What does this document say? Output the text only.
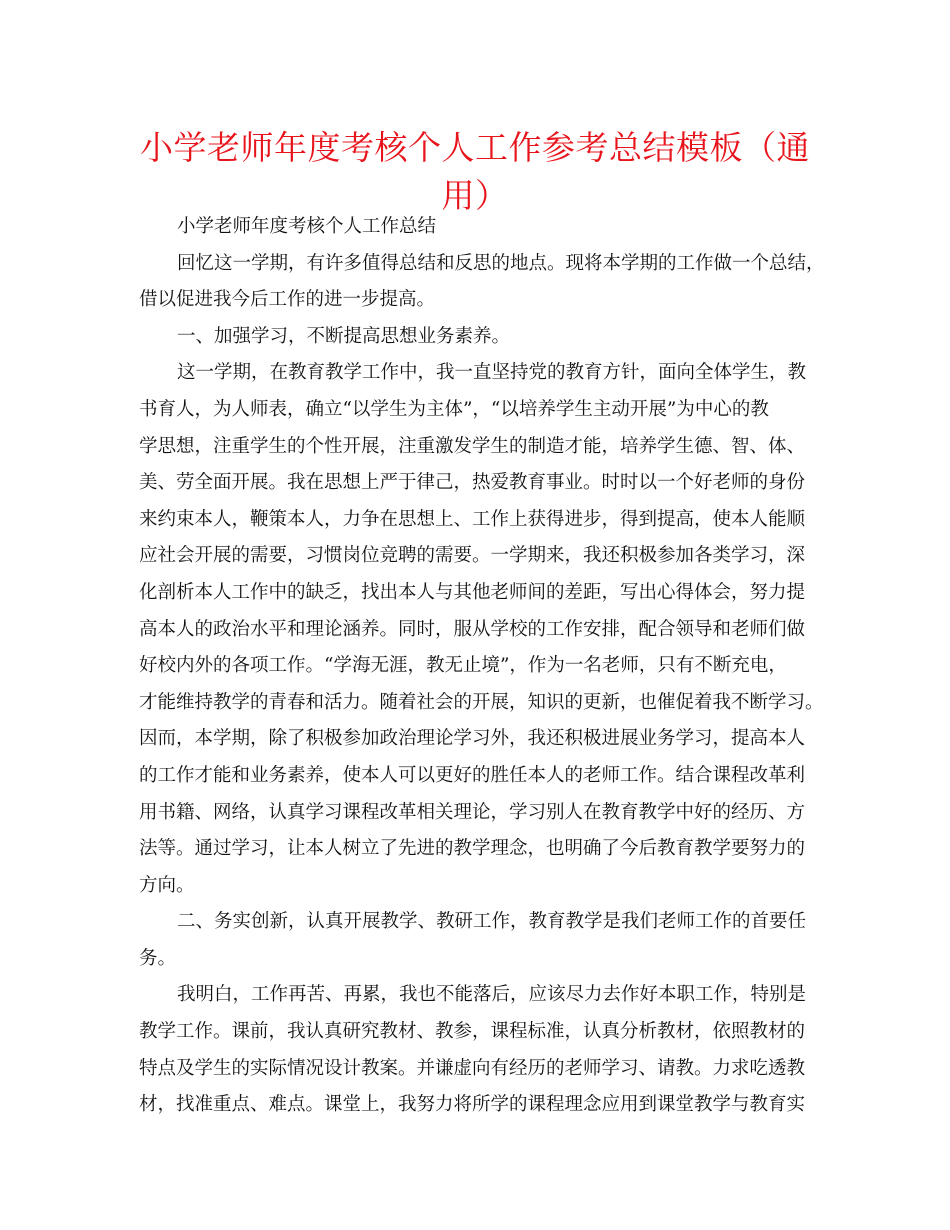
小学老师年度考核个人工作参考总结模板（通
用）
小学老师年度考核个人工作总结
回忆这一学期，有许多值得总结和反思的地点。现将本学期的工作做一个总结，
借以促进我今后工作的进一步提高。
一、加强学习，不断提高思想业务素养。
这一学期，在教育教学工作中，我一直坚持党的教育方针，面向全体学生，教
书育人，为人师表，确立“以学生为主体”，“以培养学生主动开展”为中心的教
学思想，注重学生的个性开展，注重激发学生的制造才能，培养学生德、智、体、
美、劳全面开展。我在思想上严于律己，热爱教育事业。时时以一个好老师的身份
来约束本人，鞭策本人，力争在思想上、工作上获得进步，得到提高，使本人能顺
应社会开展的需要，习惯岗位竞聘的需要。一学期来，我还积极参加各类学习，深
化剖析本人工作中的缺乏，找出本人与其他老师间的差距，写出心得体会，努力提
高本人的政治水平和理论涵养。同时，服从学校的工作安排，配合领导和老师们做
好校内外的各项工作。“学海无涯，教无止境”，作为一名老师，只有不断充电，
才能维持教学的青春和活力。随着社会的开展，知识的更新，也催促着我不断学习。
因而，本学期，除了积极参加政治理论学习外，我还积极进展业务学习，提高本人
的工作才能和业务素养，使本人可以更好的胜任本人的老师工作。结合课程改革利
用书籍、网络，认真学习课程改革相关理论，学习别人在教育教学中好的经历、方
法等。通过学习，让本人树立了先进的教学理念，也明确了今后教育教学要努力的
方向。
二、务实创新，认真开展教学、教研工作，教育教学是我们老师工作的首要任
务。
我明白，工作再苦、再累，我也不能落后，应该尽力去作好本职工作，特别是
教学工作。课前，我认真研究教材、教参，课程标准，认真分析教材，依照教材的
特点及学生的实际情况设计教案。并谦虚向有经历的老师学习、请教。力求吃透教
材，找准重点、难点。课堂上，我努力将所学的课程理念应用到课堂教学与教育实
